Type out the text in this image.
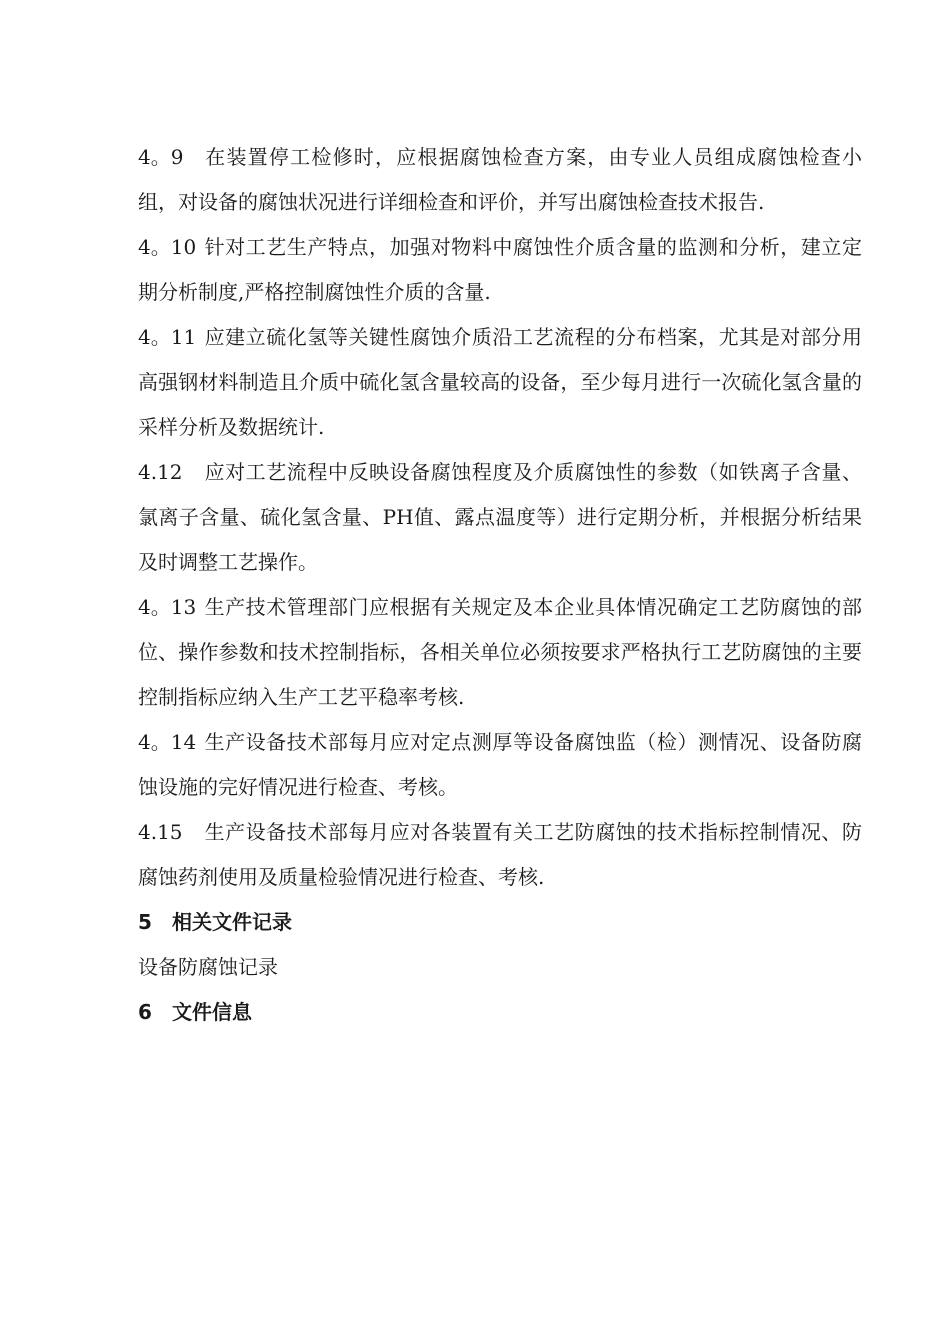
4。9 在装置停工检修时，应根据腐蚀检查方案，由专业人员组成腐蚀检查小组，对设备的腐蚀状况进行详细检查和评价，并写出腐蚀检查技术报告.

4。10 针对工艺生产特点，加强对物料中腐蚀性介质含量的监测和分析，建立定期分析制度,严格控制腐蚀性介质的含量.

4。11 应建立硫化氢等关键性腐蚀介质沿工艺流程的分布档案，尤其是对部分用高强钢材料制造且介质中硫化氢含量较高的设备，至少每月进行一次硫化氢含量的采样分析及数据统计.

4.12 应对工艺流程中反映设备腐蚀程度及介质腐蚀性的参数（如铁离子含量、氯离子含量、硫化氢含量、PH值、露点温度等）进行定期分析，并根据分析结果及时调整工艺操作。

4。13 生产技术管理部门应根据有关规定及本企业具体情况确定工艺防腐蚀的部位、操作参数和技术控制指标，各相关单位必须按要求严格执行工艺防腐蚀的主要控制指标应纳入生产工艺平稳率考核.

4。14 生产设备技术部每月应对定点测厚等设备腐蚀监（检）测情况、设备防腐蚀设施的完好情况进行检查、考核。

4.15 生产设备技术部每月应对各装置有关工艺防腐蚀的技术指标控制情况、防腐蚀药剂使用及质量检验情况进行检查、考核.

5 相关文件记录

设备防腐蚀记录

6 文件信息
